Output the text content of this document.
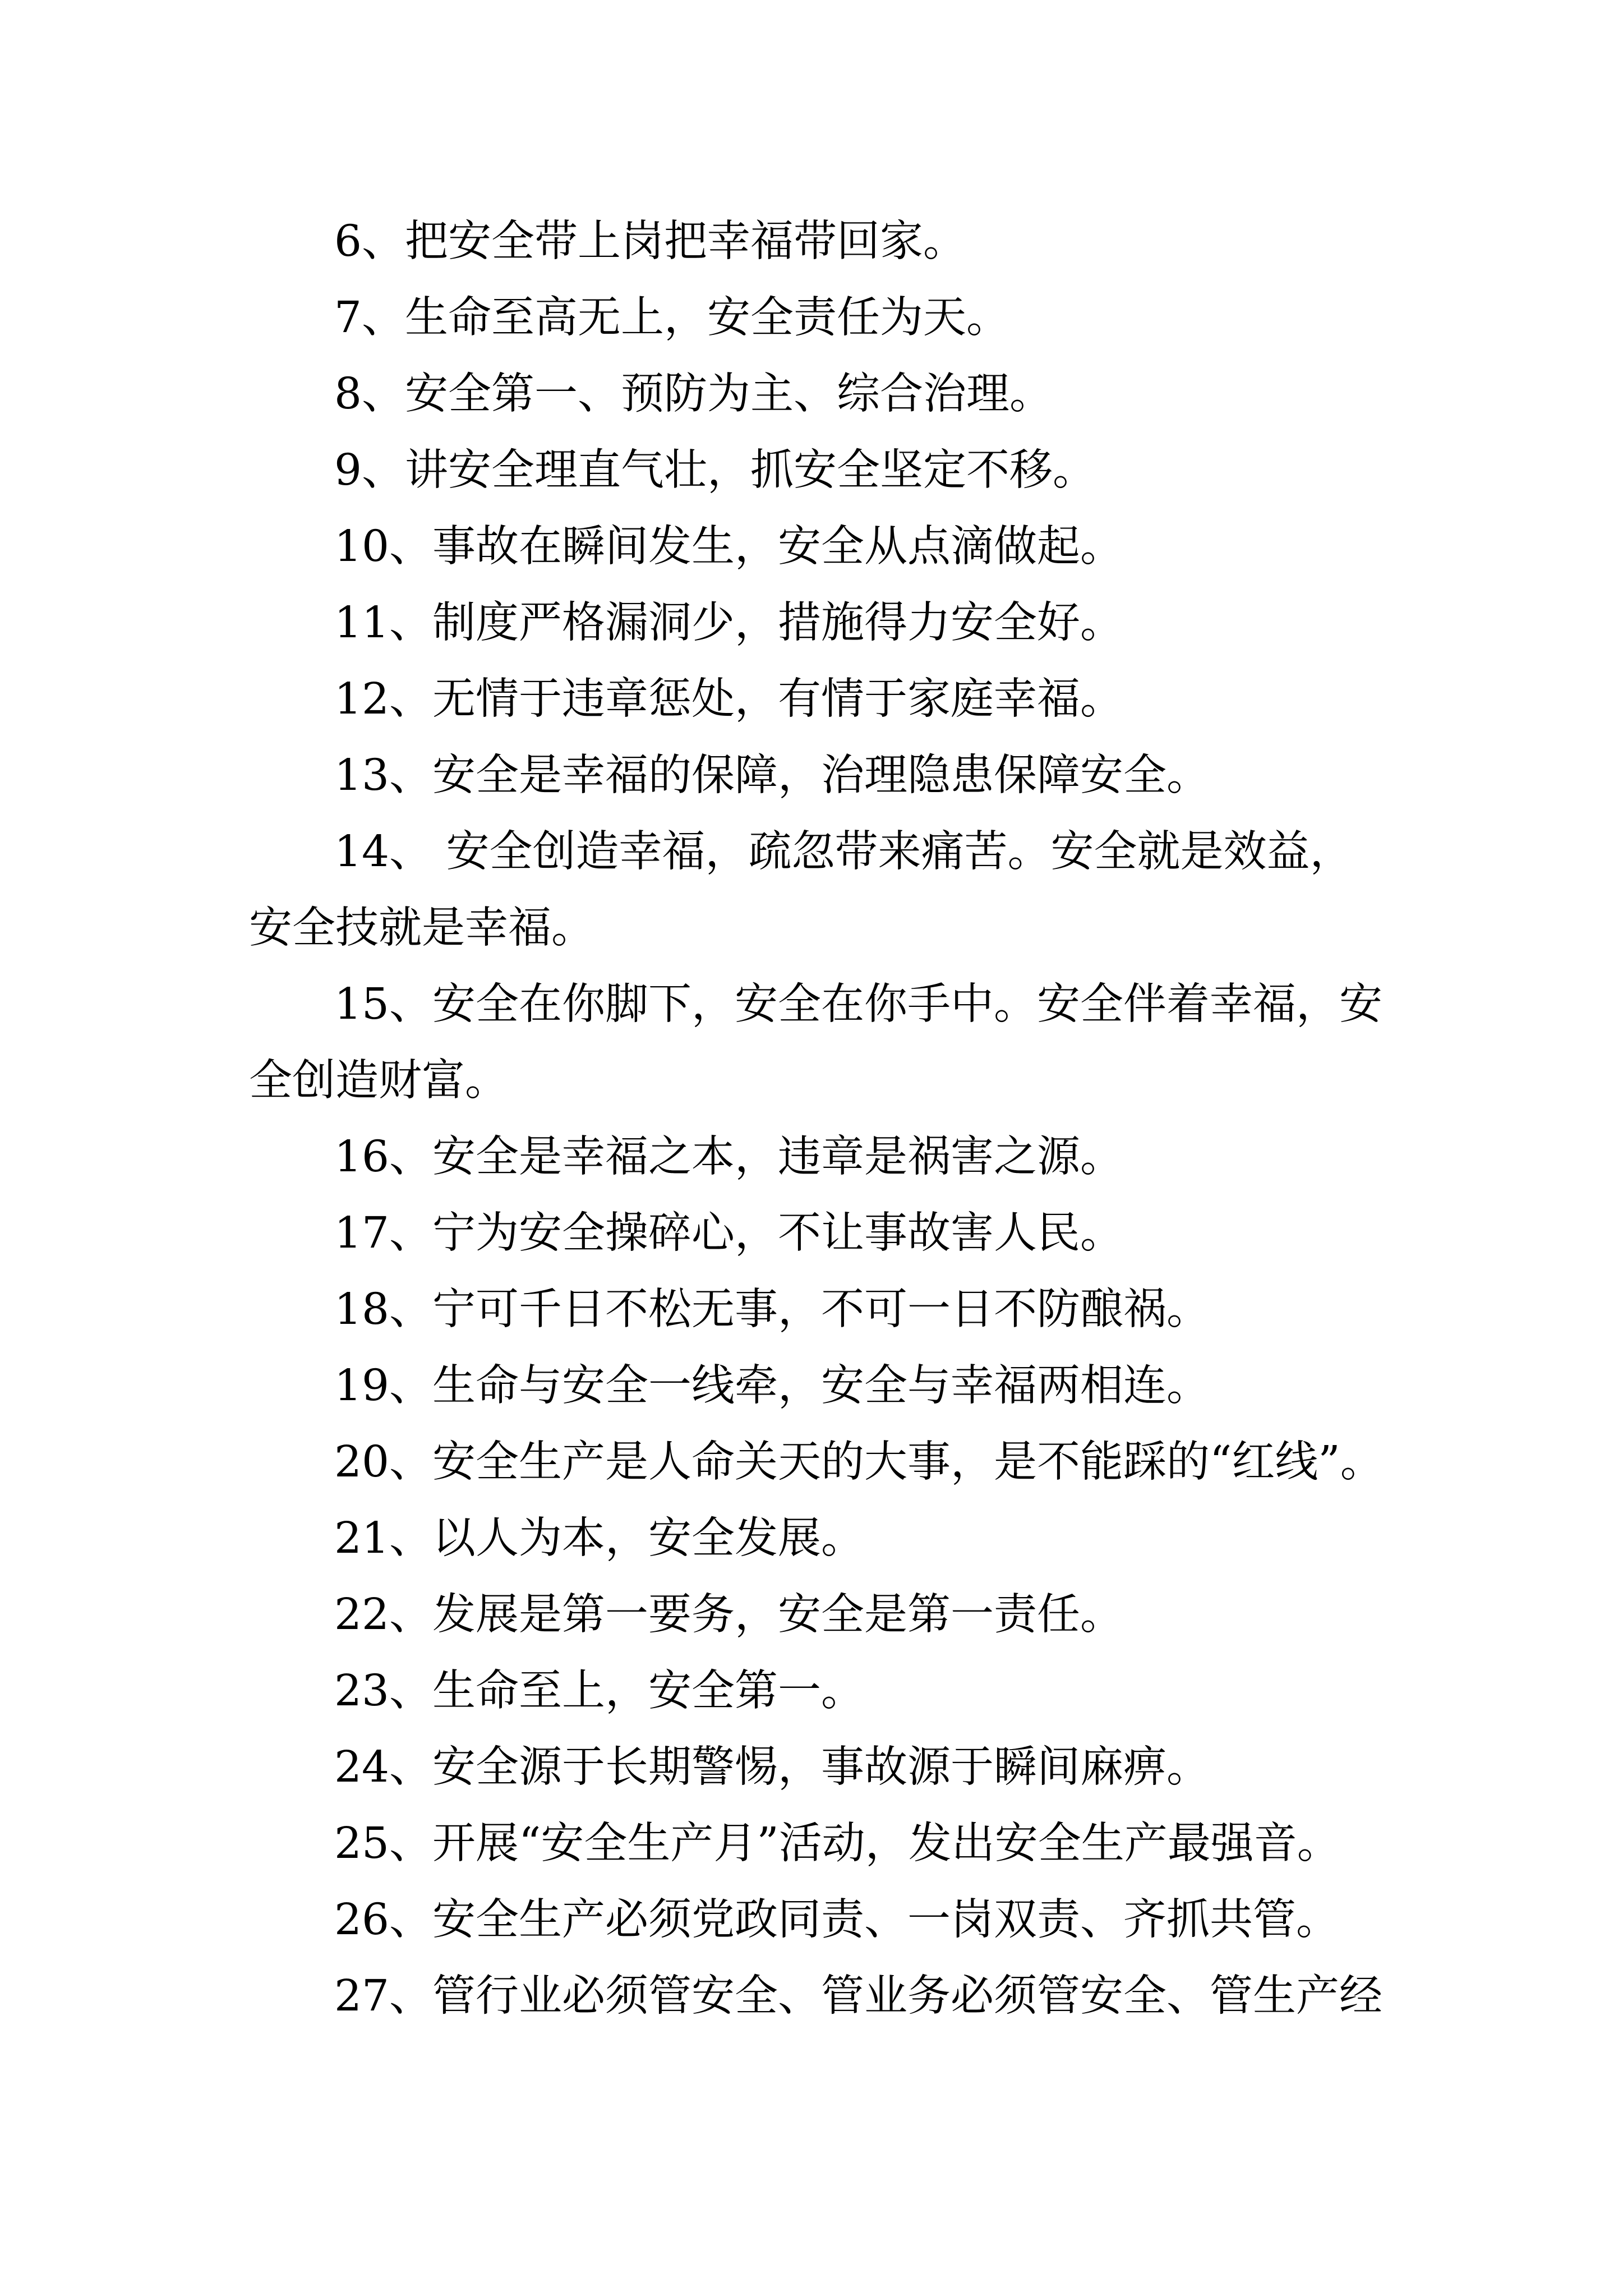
6、把安全带上岗把幸福带回家。
7、生命至高无上，安全责任为天。
8、安全第一、预防为主、综合治理。
9、讲安全理直气壮，抓安全坚定不移。
10、事故在瞬间发生，安全从点滴做起。
11、制度严格漏洞少，措施得力安全好。
12、无情于违章惩处，有情于家庭幸福。
13、安全是幸福的保障，治理隐患保障安全。
14、 安全创造幸福，疏忽带来痛苦。安全就是效益，
安全技就是幸福。
15、安全在你脚下，安全在你手中。安全伴着幸福，安
全创造财富。
16、安全是幸福之本，违章是祸害之源。
17、宁为安全操碎心，不让事故害人民。
18、宁可千日不松无事，不可一日不防酿祸。
19、生命与安全一线牵，安全与幸福两相连。
20、安全生产是人命关天的大事，是不能踩的“红线”。
21、以人为本，安全发展。
22、发展是第一要务，安全是第一责任。
23、生命至上，安全第一。
24、安全源于长期警惕，事故源于瞬间麻痹。
25、开展“安全生产月”活动，发出安全生产最强音。
26、安全生产必须党政同责、一岗双责、齐抓共管。
27、管行业必须管安全、管业务必须管安全、管生产经
